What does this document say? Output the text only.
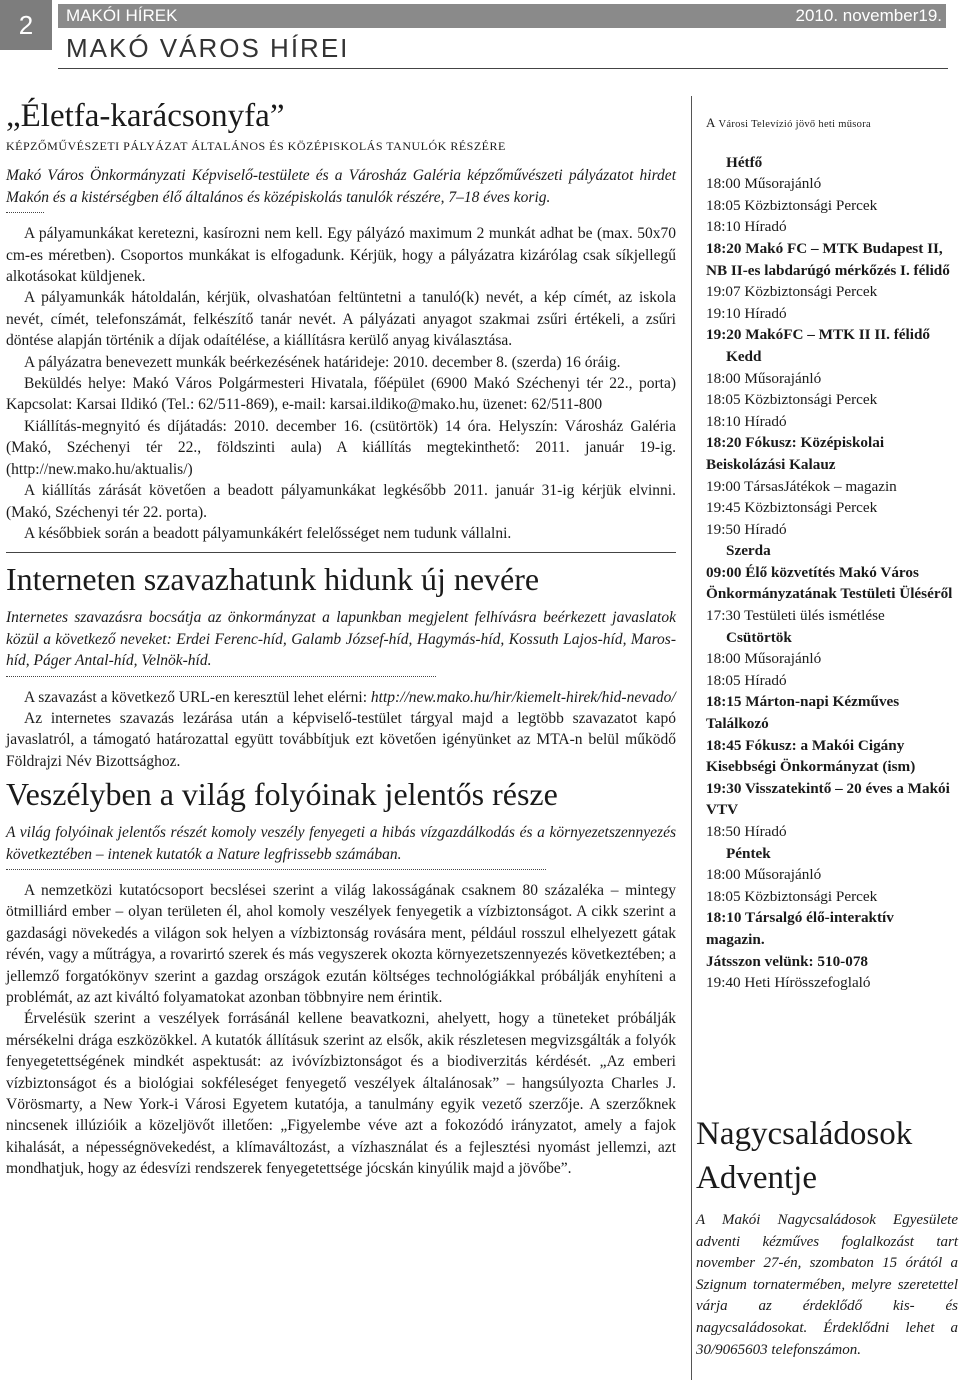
2	MAKÓI HÍREK	2010. november19.
MAKÓ VÁROS HÍREI
„Életfa-karácsonyfa”
KÉPZŐMŰVÉSZETI PÁLYÁZAT ÁLTALÁNOS ÉS KÖZÉPISKOLÁS TANULÓK RÉSZÉRE

Makó Város Önkormányzati Képviselő-testülete és a Városház Galéria képzőművészeti pályázatot hirdet Makón és a kistérségben élő általános és középiskolás tanulók részére, 7–18 éves korig.

A pályamunkákat keretezni, kasírozni nem kell. Egy pályázó maximum 2 munkát adhat be (max. 50x70 cm-es méretben). Csoportos munkákat is elfogadunk. Kérjük, hogy a pályázatra kizárólag csak síkjellegű alkotásokat küldjenek.

A pályamunkák hátoldalán, kérjük, olvashatóan feltüntetni a tanuló(k) nevét, a kép címét, az iskola nevét, címét, telefonszámát, felkészítő tanár nevét. A pályázati anyagot szakmai zsűri értékeli, a zsűri döntése alapján történik a díjak odaítélése, a kiállításra kerülő anyag kiválasztása.

A pályázatra benevezett munkák beérkezésének határideje: 2010. december 8. (szerda) 16 óráig.

Beküldés helye: Makó Város Polgármesteri Hivatala, főépület (6900 Makó Széchenyi tér 22., porta) Kapcsolat: Karsai Ildikó (Tel.: 62/511-869), e-mail: karsai.ildiko@mako.hu, üzenet: 62/511-800

Kiállítás-megnyitó és díjátadás: 2010. december 16. (csütörtök) 14 óra. Helyszín: Városház Galéria (Makó, Széchenyi tér 22., földszinti aula) A kiállítás megtekinthető: 2011. január 19-ig. (http://new.mako.hu/aktualis/)

A kiállítás zárását követően a beadott pályamunkákat legkésőbb 2011. január 31-ig kérjük elvinni. (Makó, Széchenyi tér 22. porta).

A későbbiek során a beadott pályamunkákért felelősséget nem tudunk vállalni.

Interneten szavazhatunk hidunk új nevére

Internetes szavazásra bocsátja az önkormányzat a lapunkban megjelent felhívásra beérkezett javaslatok közül a következő neveket: Erdei Ferenc-híd, Galamb József-híd, Hagymás-híd, Kossuth Lajos-híd, Maros-híd, Páger Antal-híd, Velnök-híd.

A szavazást a következő URL-en keresztül lehet elérni: http://new.mako.hu/hir/kiemelt-hirek/hid-nevado/

Az internetes szavazás lezárása után a képviselő-testület tárgyal majd a legtöbb szavazatot kapó javaslatról, a támogató határozattal együtt továbbítjuk ezt követően igényünket az MTA-n belül működő Földrajzi Név Bizottsághoz.

Veszélyben a világ folyóinak jelentős része

A világ folyóinak jelentős részét komoly veszély fenyegeti a hibás vízgazdálkodás és a környezetszennyezés következtében – intenek kutatók a Nature legfrissebb számában.

A nemzetközi kutatócsoport becslései szerint a világ lakosságának csaknem 80 százaléka – mintegy ötmilliárd ember – olyan területen él, ahol komoly veszélyek fenyegetik a vízbiztonságot. A cikk szerint a gazdasági növekedés a világon sok helyen a vízbiztonság rovására ment, például rosszul elhelyezett gátak révén, vagy a műtrágya, a rovarirtó szerek és más vegyszerek okozta környezetszennyezés következtében; a jellemző forgatókönyv szerint a gazdag országok ezután költséges technológiákkal próbálják enyhíteni a problémát, az azt kiváltó folyamatokat azonban többnyire nem érintik.

Érvelésük szerint a veszélyek forrásánál kellene beavatkozni, ahelyett, hogy a tüneteket próbálják mérsékelni drága eszközökkel. A kutatók állításuk szerint az elsők, akik részletesen megvizsgálták a folyók fenyegetettségének mindkét aspektusát: az ivóvízbiztonságot és a biodiverzitás kérdését. „Az emberi vízbiztonságot és a biológiai sokféleséget fenyegető veszélyek általánosak” – hangsúlyozta Charles J. Vörösmarty, a New York-i Városi Egyetem kutatója, a tanulmány egyik vezető szerzője. A szerzőknek nincsenek illúzióik a közeljövőt illetően: „Figyelembe véve azt a fokozódó irányzatot, amely a fajok kihalását, a népességnövekedést, a klímaváltozást, a vízhasználat és a fejlesztési nyomást jellemzi, azt mondhatjuk, hogy az édesvízi rendszerek fenyegetettsége jócskán kinyúlik majd a jövőbe”.

A Városi Televízió jövő heti műsora
Hétfő
18:00 Műsorajánló
18:05 Közbiztonsági Percek
18:10 Híradó
18:20 Makó FC – MTK Budapest II, NB II-es labdarúgó mérkőzés I. félidő
19:07 Közbiztonsági Percek
19:10 Híradó
19:20 MakóFC – MTK II II. félidő
Kedd
18:00 Műsorajánló
18:05 Közbiztonsági Percek
18:10 Híradó
18:20 Fókusz: Középiskolai Beiskolázási Kalauz
19:00 TársasJátékok – magazin
19:45 Közbiztonsági Percek
19:50 Híradó
Szerda
09:00 Élő közvetítés Makó Város Önkormányzatának Testületi Üléséről
17:30 Testületi ülés ismétlése
Csütörtök
18:00 Műsorajánló
18:05 Híradó
18:15 Márton-napi Kézműves Találkozó
18:45 Fókusz: a Makói Cigány Kisebbségi Önkormányzat (ism)
19:30 Visszatekintő – 20 éves a Makói VTV
18:50 Híradó
Péntek
18:00 Műsorajánló
18:05 Közbiztonsági Percek
18:10 Társalgó élő-interaktív magazin.
Játsszon velünk: 510-078
19:40 Heti Hírösszefoglaló
Nagycsaládosok Adventje

A Makói Nagycsaládosok Egyesülete adventi kézműves foglalkozást tart november 27-én, szombaton 15 órától a Szignum tornatermében, melyre szeretettel várja az érdeklődő kis- és nagycsaládosokat. Érdeklődni lehet a 30/9065603 telefonszámon.
